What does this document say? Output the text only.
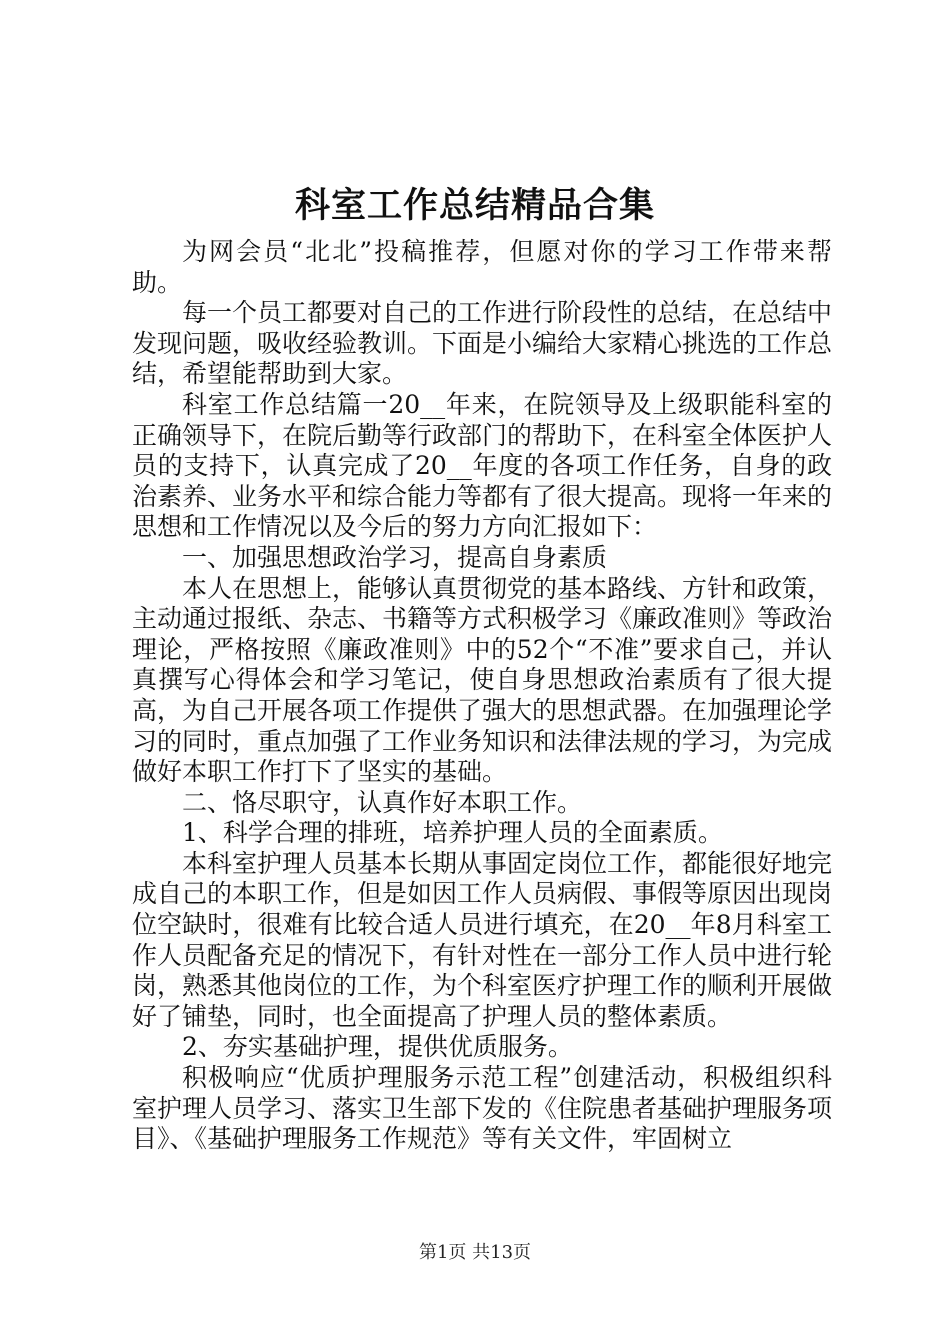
科室工作总结精品合集

为网会员“北北”投稿推荐，但愿对你的学习工作带来帮助。

每一个员工都要对自己的工作进行阶段性的总结，在总结中发现问题，吸收经验教训。下面是小编给大家精心挑选的工作总结，希望能帮助到大家。

科室工作总结篇一20__年来，在院领导及上级职能科室的正确领导下，在院后勤等行政部门的帮助下，在科室全体医护人员的支持下，认真完成了20__年度的各项工作任务，自身的政治素养、业务水平和综合能力等都有了很大提高。现将一年来的思想和工作情况以及今后的努力方向汇报如下：

一、加强思想政治学习，提高自身素质

本人在思想上，能够认真贯彻党的基本路线、方针和政策，主动通过报纸、杂志、书籍等方式积极学习《廉政准则》等政治理论，严格按照《廉政准则》中的52个“不准”要求自己，并认真撰写心得体会和学习笔记，使自身思想政治素质有了很大提高，为自己开展各项工作提供了强大的思想武器。在加强理论学习的同时，重点加强了工作业务知识和法律法规的学习，为完成做好本职工作打下了坚实的基础。

二、恪尽职守，认真作好本职工作。

1、科学合理的排班，培养护理人员的全面素质。

本科室护理人员基本长期从事固定岗位工作，都能很好地完成自己的本职工作，但是如因工作人员病假、事假等原因出现岗位空缺时，很难有比较合适人员进行填充，在20__年8月科室工作人员配备充足的情况下，有针对性在一部分工作人员中进行轮岗，熟悉其他岗位的工作，为个科室医疗护理工作的顺利开展做好了铺垫，同时，也全面提高了护理人员的整体素质。

2、夯实基础护理，提供优质服务。

积极响应“优质护理服务示范工程”创建活动，积极组织科室护理人员学习、落实卫生部下发的《住院患者基础护理服务项目》、《基础护理服务工作规范》等有关文件，牢固树立

第1页 共13页
